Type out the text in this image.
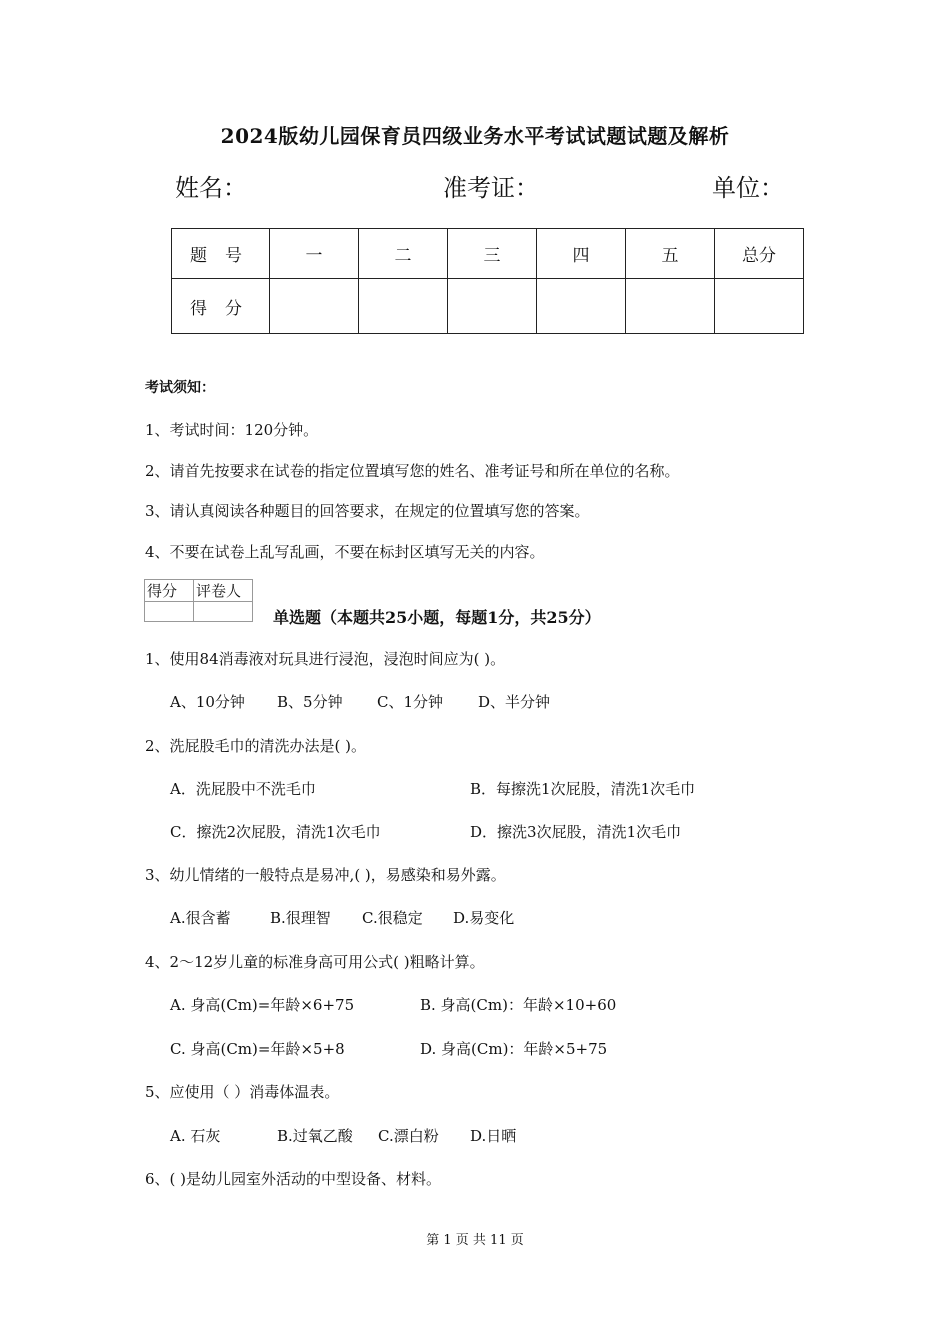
2024版幼儿园保育员四级业务水平考试试题试题及解析
姓名：	准考证：	单位：
题号	一	二	三	四	五	总分
得分						
考试须知：
1、考试时间：120分钟。
2、请首先按要求在试卷的指定位置填写您的姓名、准考证号和所在单位的名称。
3、请认真阅读各种题目的回答要求，在规定的位置填写您的答案。
4、不要在试卷上乱写乱画，不要在标封区填写无关的内容。
得分	评卷人

单选题（本题共25小题，每题1分，共25分）
1、使用84消毒液对玩具进行浸泡，浸泡时间应为( )。
A、10分钟 B、5分钟 C、1分钟 D、半分钟
2、洗屁股毛巾的清洗办法是( )。
A．洗屁股中不洗毛巾	B．每擦洗1次屁股，清洗1次毛巾
C．擦洗2次屁股，清洗1次毛巾	D．擦洗3次屁股，清洗1次毛巾
3、幼儿情绪的一般特点是易冲,( )，易感染和易外露。
A.很含蓄	B.很理智 C.很稳定 D.易变化
4、2～12岁儿童的标准身高可用公式( )粗略计算。
A. 身高(Cm)=年龄×6+75	B. 身高(Cm)：年龄×10+60
C. 身高(Cm)=年龄×5+8	D. 身高(Cm)：年龄×5+75
5、应使用（ ）消毒体温表。
A. 石灰	B.过氧乙酸 C.漂白粉 D.日晒
6、( )是幼儿园室外活动的中型设备、材料。
第 1 页 共 11 页
